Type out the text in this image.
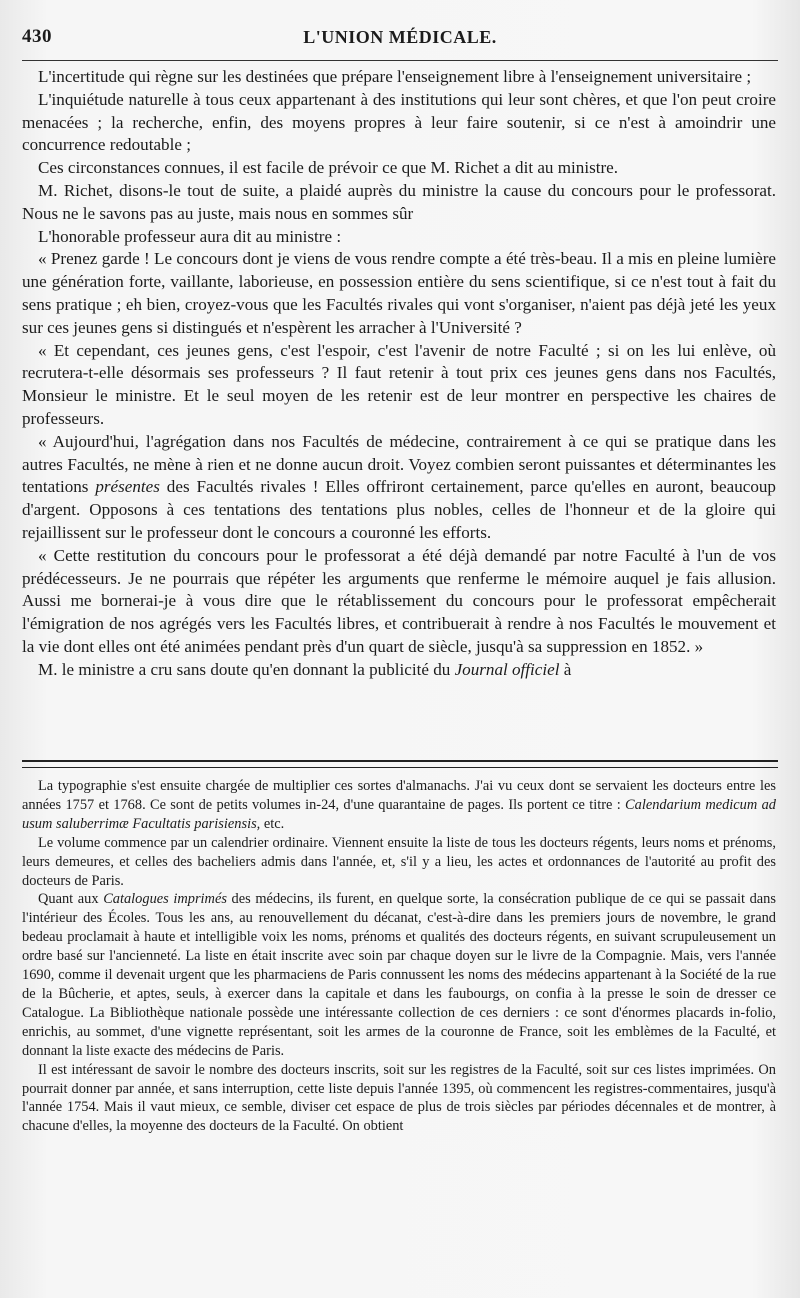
430	L'UNION MÉDICALE.

L'incertitude qui règne sur les destinées que prépare l'enseignement libre à l'enseignement universitaire ;

L'inquiétude naturelle à tous ceux appartenant à des institutions qui leur sont chères, et que l'on peut croire menacées ; la recherche, enfin, des moyens propres à leur faire soutenir, si ce n'est à amoindrir une concurrence redoutable ;

Ces circonstances connues, il est facile de prévoir ce que M. Richet a dit au ministre.

M. Richet, disons-le tout de suite, a plaidé auprès du ministre la cause du concours pour le professorat. Nous ne le savons pas au juste, mais nous en sommes sûr

L'honorable professeur aura dit au ministre :

« Prenez garde ! Le concours dont je viens de vous rendre compte a été très-beau. Il a mis en pleine lumière une génération forte, vaillante, laborieuse, en possession entière du sens scientifique, si ce n'est tout à fait du sens pratique ; eh bien, croyez-vous que les Facultés rivales qui vont s'organiser, n'aient pas déjà jeté les yeux sur ces jeunes gens si distingués et n'espèrent les arracher à l'Université ?

« Et cependant, ces jeunes gens, c'est l'espoir, c'est l'avenir de notre Faculté ; si on les lui enlève, où recrutera-t-elle désormais ses professeurs ? Il faut retenir à tout prix ces jeunes gens dans nos Facultés, Monsieur le ministre. Et le seul moyen de les retenir est de leur montrer en perspective les chaires de professeurs.

« Aujourd'hui, l'agrégation dans nos Facultés de médecine, contrairement à ce qui se pratique dans les autres Facultés, ne mène à rien et ne donne aucun droit. Voyez combien seront puissantes et déterminantes les tentations présentes des Facultés rivales ! Elles offriront certainement, parce qu'elles en auront, beaucoup d'argent. Opposons à ces tentations des tentations plus nobles, celles de l'honneur et de la gloire qui rejaillissent sur le professeur dont le concours a couronné les efforts.

« Cette restitution du concours pour le professorat a été déjà demandé par notre Faculté à l'un de vos prédécesseurs. Je ne pourrais que répéter les arguments que renferme le mémoire auquel je fais allusion. Aussi me bornerai-je à vous dire que le rétablissement du concours pour le professorat empêcherait l'émigration de nos agrégés vers les Facultés libres, et contribuerait à rendre à nos Facultés le mouvement et la vie dont elles ont été animées pendant près d'un quart de siècle, jusqu'à sa suppression en 1852. »

M. le ministre a cru sans doute qu'en donnant la publicité du Journal officiel à

La typographie s'est ensuite chargée de multiplier ces sortes d'almanachs. J'ai vu ceux dont se servaient les docteurs entre les années 1757 et 1768. Ce sont de petits volumes in-24, d'une quarantaine de pages. Ils portent ce titre : Calendarium medicum ad usum saluberrimæ Facultatis parisiensis, etc.

Le volume commence par un calendrier ordinaire. Viennent ensuite la liste de tous les docteurs régents, leurs noms et prénoms, leurs demeures, et celles des bacheliers admis dans l'année, et, s'il y a lieu, les actes et ordonnances de l'autorité au profit des docteurs de Paris.

Quant aux Catalogues imprimés des médecins, ils furent, en quelque sorte, la consécration publique de ce qui se passait dans l'intérieur des Écoles. Tous les ans, au renouvellement du décanat, c'est-à-dire dans les premiers jours de novembre, le grand bedeau proclamait à haute et intelligible voix les noms, prénoms et qualités des docteurs régents, en suivant scrupuleusement un ordre basé sur l'ancienneté. La liste en était inscrite avec soin par chaque doyen sur le livre de la Compagnie. Mais, vers l'année 1690, comme il devenait urgent que les pharmaciens de Paris connussent les noms des médecins appartenant à la Société de la rue de la Bûcherie, et aptes, seuls, à exercer dans la capitale et dans les faubourgs, on confia à la presse le soin de dresser ce Catalogue. La Bibliothèque nationale possède une intéressante collection de ces derniers : ce sont d'énormes placards in-folio, enrichis, au sommet, d'une vignette représentant, soit les armes de la couronne de France, soit les emblèmes de la Faculté, et donnant la liste exacte des médecins de Paris.

Il est intéressant de savoir le nombre des docteurs inscrits, soit sur les registres de la Faculté, soit sur ces listes imprimées. On pourrait donner par année, et sans interruption, cette liste depuis l'année 1395, où commencent les registres-commentaires, jusqu'à l'année 1754. Mais il vaut mieux, ce semble, diviser cet espace de plus de trois siècles par périodes décennales et de montrer, à chacune d'elles, la moyenne des docteurs de la Faculté. On obtient
